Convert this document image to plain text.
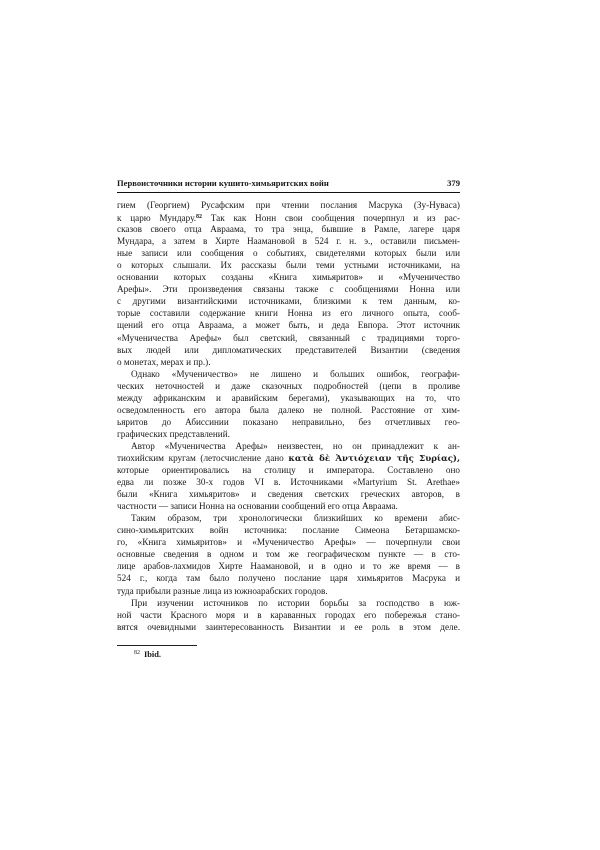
Первоисточники истории кушито-химьяритских войн	379
гием (Георгием) Русафским при чтении послания Масрука (Зу-Нуваса)
к царю Мундару.$^{82}$ Так как Нонн свои сообщения почерпнул и из рас-
сказов своего отца Авраама, то тра энца, бывшие в Рамле, лагере царя
Мундара, а затем в Хирте Наамановой в 524 г. н. э., оставили письмен-
ные записи или сообщения о событиях, свидетелями которых были или
о которых слышали. Их рассказы были теми устными источниками, на
основании которых созданы «Книга химьяритов» и «Мученичество
Арефы». Эти произведения связаны также с сообщениями Нонна или
с другими византийскими источниками, близкими к тем данным, ко-
торые составили содержание книги Нонна из его личного опыта, сооб-
щений его отца Авраама, а может быть, и деда Евпора. Этот источник
«Мученичества Арефы» был светский, связанный с традициями торго-
вых людей или дипломатических представителей Византии (сведения
о монетах, мерах и пр.).
Однако «Мученичество» не лишено и больших ошибок, географи-
ческих неточностей и даже сказочных подробностей (цепи в проливе
между африканским и аравийским берегами), указывающих на то, что
осведомленность его автора была далеко не полной. Расстояние от хим-
ьяритов до Абиссинии показано неправильно, без отчетливых гео-
графических представлений.
Автор «Мученичества Арефы» неизвестен, но он принадлежит к ан-
тиохийским кругам (летосчисление дано κατὰ δὲ Ἀντιόχειαν τῆς Συρίας),
которые ориентировались на столицу и императора. Составлено оно
едва ли позже 30-х годов VI в. Источниками «Martyrium St. Arethae»
были «Книга химьяритов» и сведения светских греческих авторов, в
частности — записи Нонна на основании сообщений его отца Авраама.
Таким образом, три хронологически близкийших ко времени абис-
сино-химьяритских войн источника: послание Симеона Бетаршамско-
го, «Книга химьяритов» и «Мученичество Арефы» — почерпнули свои
основные сведения в одном и том же географическом пункте — в сто-
лице арабов-лахмидов Хирте Наамановой, и в одно и то же время — в
524 г., когда там было получено послание царя химьяритов Масрука и
туда прибыли разные лица из южноарабских городов.
При изучении источников по истории борьбы за господство в юж-
ной части Красного моря и в караванных городах его побережья стано-
вятся очевидными заинтересованность Византии и ее роль в этом деле.
$^{82}$ Ibid.
